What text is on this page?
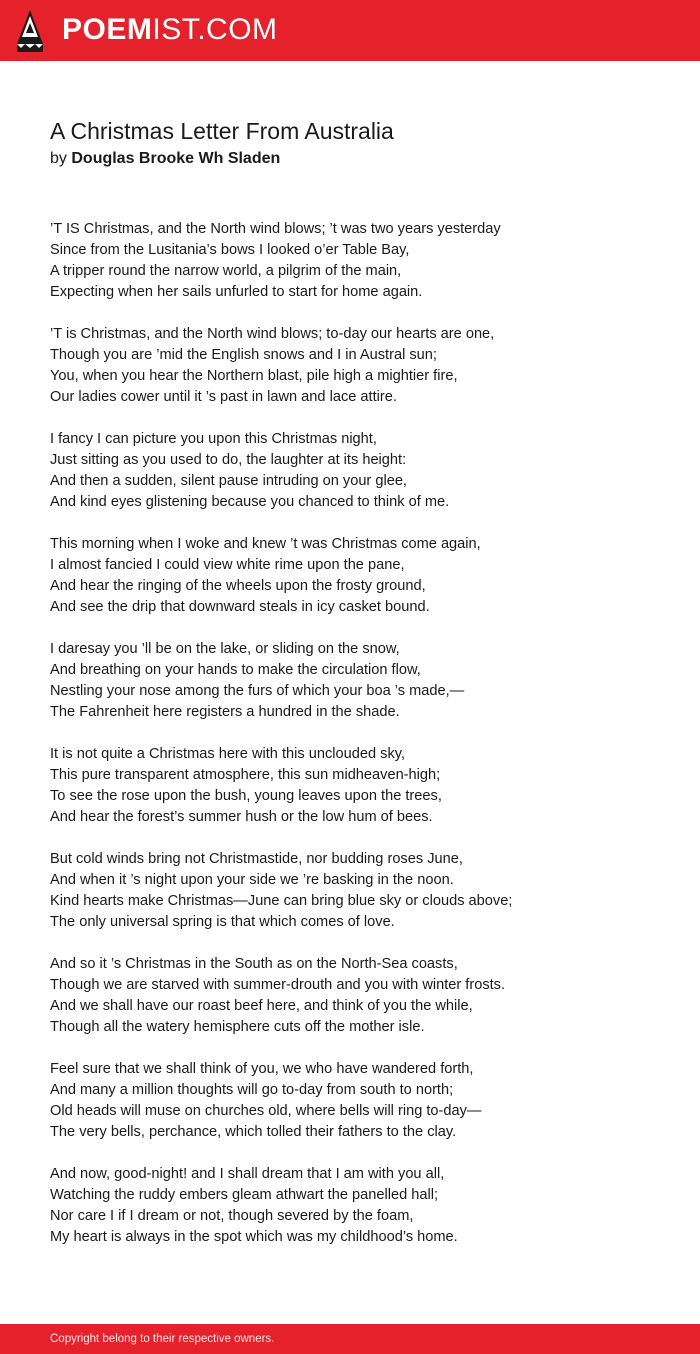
POEMIST.COM
A Christmas Letter From Australia
by Douglas Brooke Wh Sladen
’T IS Christmas, and the North wind blows; ’t was two years yesterday
Since from the Lusitania’s bows I looked o’er Table Bay,
A tripper round the narrow world, a pilgrim of the main,
Expecting when her sails unfurled to start for home again.
’T is Christmas, and the North wind blows; to-day our hearts are one,
Though you are ’mid the English snows and I in Austral sun;
You, when you hear the Northern blast, pile high a mightier fire,
Our ladies cower until it ’s past in lawn and lace attire.
I fancy I can picture you upon this Christmas night,
Just sitting as you used to do, the laughter at its height:
And then a sudden, silent pause intruding on your glee,
And kind eyes glistening because you chanced to think of me.
This morning when I woke and knew ’t was Christmas come again,
I almost fancied I could view white rime upon the pane,
And hear the ringing of the wheels upon the frosty ground,
And see the drip that downward steals in icy casket bound.
I daresay you ’ll be on the lake, or sliding on the snow,
And breathing on your hands to make the circulation flow,
Nestling your nose among the furs of which your boa ’s made,—
The Fahrenheit here registers a hundred in the shade.
It is not quite a Christmas here with this unclouded sky,
This pure transparent atmosphere, this sun midheaven-high;
To see the rose upon the bush, young leaves upon the trees,
And hear the forest’s summer hush or the low hum of bees.
But cold winds bring not Christmastide, nor budding roses June,
And when it ’s night upon your side we ’re basking in the noon.
Kind hearts make Christmas—June can bring blue sky or clouds above;
The only universal spring is that which comes of love.
And so it ’s Christmas in the South as on the North-Sea coasts,
Though we are starved with summer-drouth and you with winter frosts.
And we shall have our roast beef here, and think of you the while,
Though all the watery hemisphere cuts off the mother isle.
Feel sure that we shall think of you, we who have wandered forth,
And many a million thoughts will go to-day from south to north;
Old heads will muse on churches old, where bells will ring to-day—
The very bells, perchance, which tolled their fathers to the clay.
And now, good-night! and I shall dream that I am with you all,
Watching the ruddy embers gleam athwart the panelled hall;
Nor care I if I dream or not, though severed by the foam,
My heart is always in the spot which was my childhood’s home.
Copyright belong to their respective owners.
